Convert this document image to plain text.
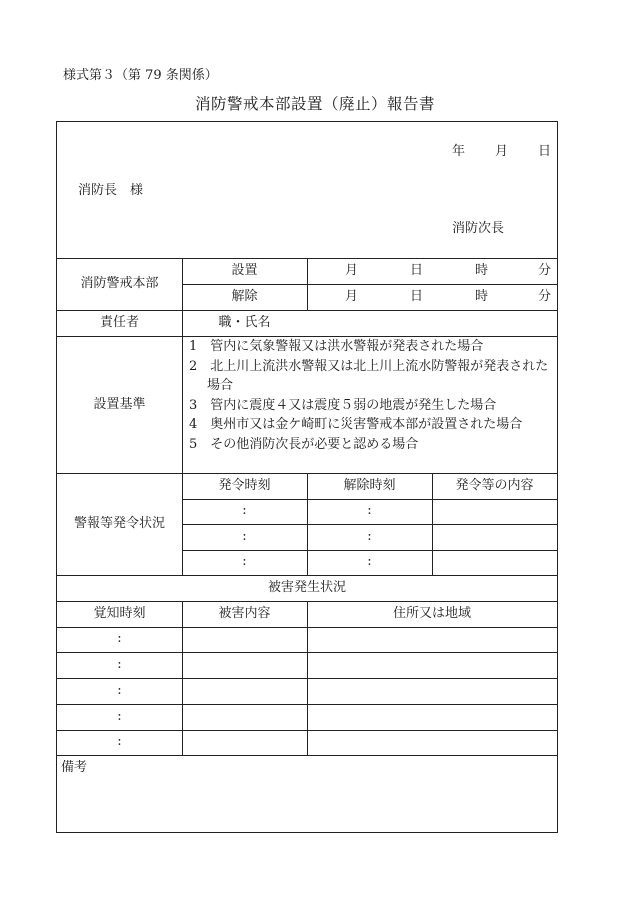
様式第３（第 79 条関係）
消防警戒本部設置（廃止）報告書
年 月 日
消防長　様
消防次長
消防警戒本部
設置	月	日	時	分
解除	月	日	時	分
責任者	職・氏名
設置基準
1　管内に気象警報又は洪水警報が発表された場合
2　北上川上流洪水警報又は北上川上流水防警報が発表された場合
3　管内に震度４又は震度５弱の地震が発生した場合
4　奥州市又は金ケ崎町に災害警戒本部が設置された場合
5　その他消防次長が必要と認める場合
警報等発令状況
発令時刻	解除時刻	発令等の内容
:	:
:	:
:	:
被害発生状況
覚知時刻	被害内容	住所又は地域
:
:
:
:
:
備考
